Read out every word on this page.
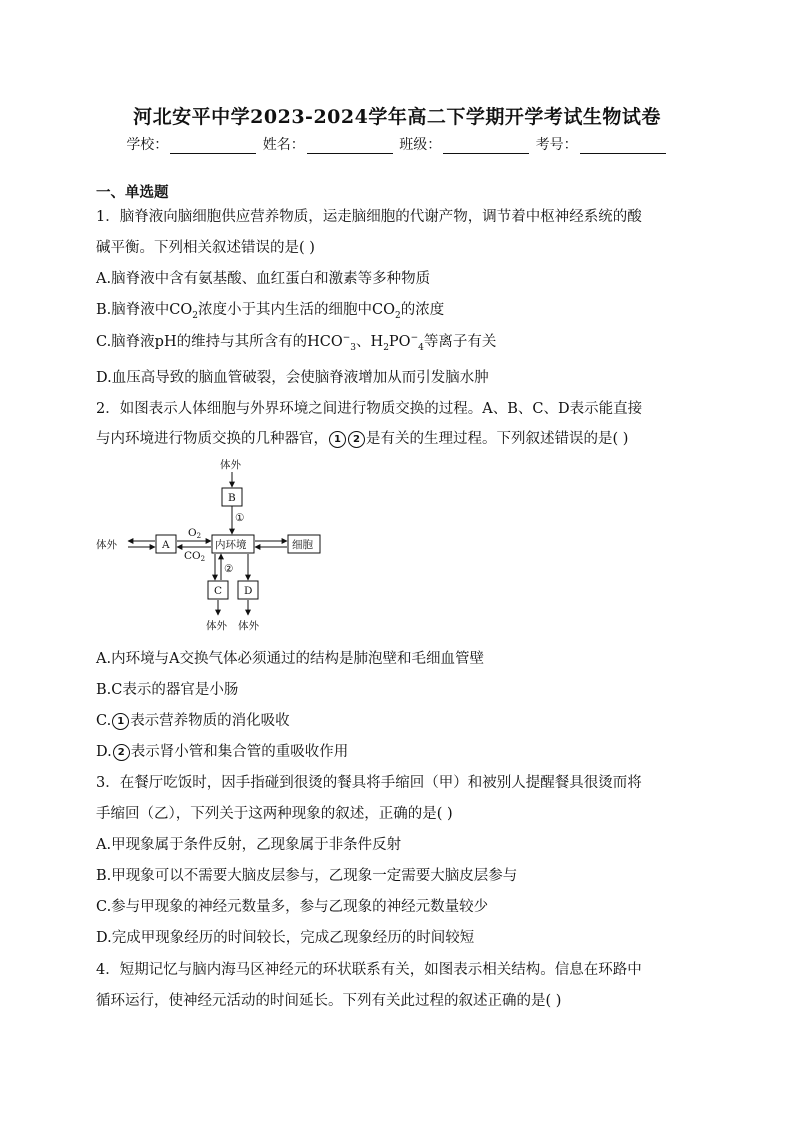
河北安平中学2023-2024学年高二下学期开学考试生物试卷
学校：	姓名：	班级：	考号：
一、单选题
1．脑脊液向脑细胞供应营养物质，运走脑细胞的代谢产物，调节着中枢神经系统的酸
碱平衡。下列相关叙述错误的是( )
A.脑脊液中含有氨基酸、血红蛋白和激素等多种物质
B.脑脊液中$CO_2$浓度小于其内生活的细胞中$CO_2$的浓度
C.脑脊液pH的维持与其所含有的$HCO^-_3$、$H_2PO^-_4$等离子有关
D.血压高导致的脑血管破裂，会使脑脊液增加从而引发脑水肿
2．如图表示人体细胞与外界环境之间进行物质交换的过程。A、B、C、D表示能直接
与内环境进行物质交换的几种器官， 1 2 是有关的生理过程。下列叙述错误的是( )
体外
B
①
体外	A
O2
CO2
内环境	细胞
②
C D
体外 体外
A.内环境与A交换气体必须通过的结构是肺泡壁和毛细血管壁
B.C表示的器官是小肠
C. 1 表示营养物质的消化吸收
D. 2 表示肾小管和集合管的重吸收作用
3．在餐厅吃饭时，因手指碰到很烫的餐具将手缩回（甲）和被别人提醒餐具很烫而将
手缩回（乙），下列关于这两种现象的叙述，正确的是( )
A.甲现象属于条件反射，乙现象属于非条件反射
B.甲现象可以不需要大脑皮层参与，乙现象一定需要大脑皮层参与
C.参与甲现象的神经元数量多，参与乙现象的神经元数量较少
D.完成甲现象经历的时间较长，完成乙现象经历的时间较短
4．短期记忆与脑内海马区神经元的环状联系有关，如图表示相关结构。信息在环路中
循环运行，使神经元活动的时间延长。下列有关此过程的叙述正确的是( )
